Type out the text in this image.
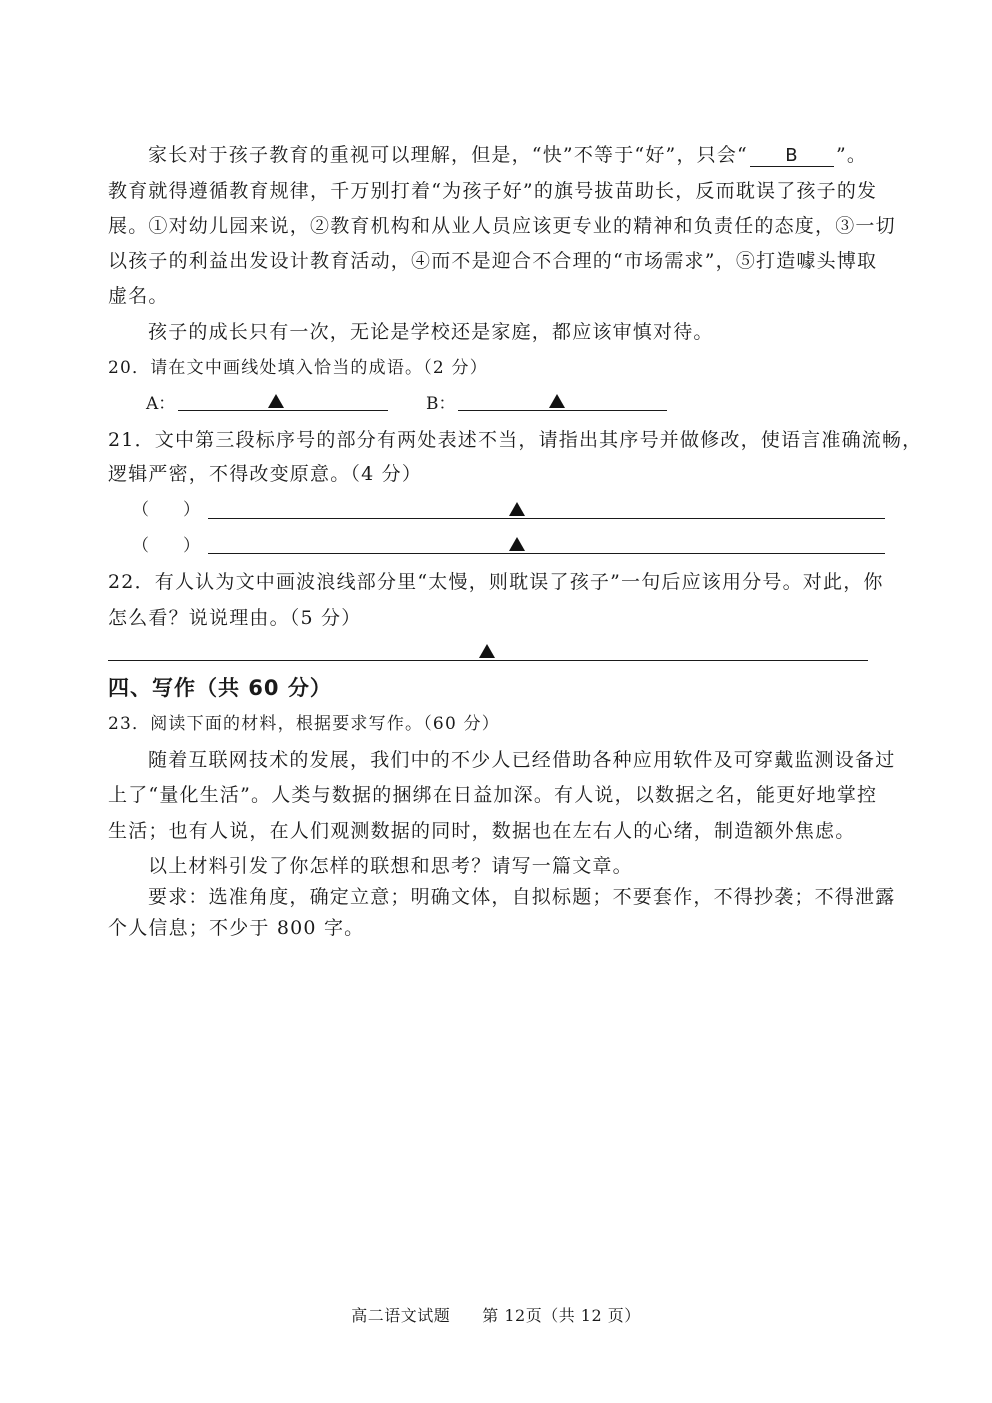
家长对于孩子教育的重视可以理解，但是，“快”不等于“好”，只会“ B ”。
教育就得遵循教育规律，千万别打着“为孩子好”的旗号拔苗助长，反而耽误了孩子的发
展。①对幼儿园来说，②教育机构和从业人员应该更专业的精神和负责任的态度，③一切
以孩子的利益出发设计教育活动，④而不是迎合不合理的“市场需求”，⑤打造噱头博取
虚名。
孩子的成长只有一次，无论是学校还是家庭，都应该审慎对待。
20．请在文中画线处填入恰当的成语。（2 分）
A：	B：
21．文中第三段标序号的部分有两处表述不当，请指出其序号并做修改，使语言准确流畅，
逻辑严密，不得改变原意。（4 分）
（　　）
（　　）
22．有人认为文中画波浪线部分里“太慢，则耽误了孩子”一句后应该用分号。对此，你
怎么看？说说理由。（5 分）
四、写作（共 60 分）
23．阅读下面的材料，根据要求写作。（60 分）
随着互联网技术的发展，我们中的不少人已经借助各种应用软件及可穿戴监测设备过
上了“量化生活”。人类与数据的捆绑在日益加深。有人说，以数据之名，能更好地掌控
生活；也有人说，在人们观测数据的同时，数据也在左右人的心绪，制造额外焦虑。
以上材料引发了你怎样的联想和思考？请写一篇文章。
要求：选准角度，确定立意；明确文体，自拟标题；不要套作，不得抄袭；不得泄露
个人信息；不少于 800 字。
高二语文试题 第 12页（共 12 页）
